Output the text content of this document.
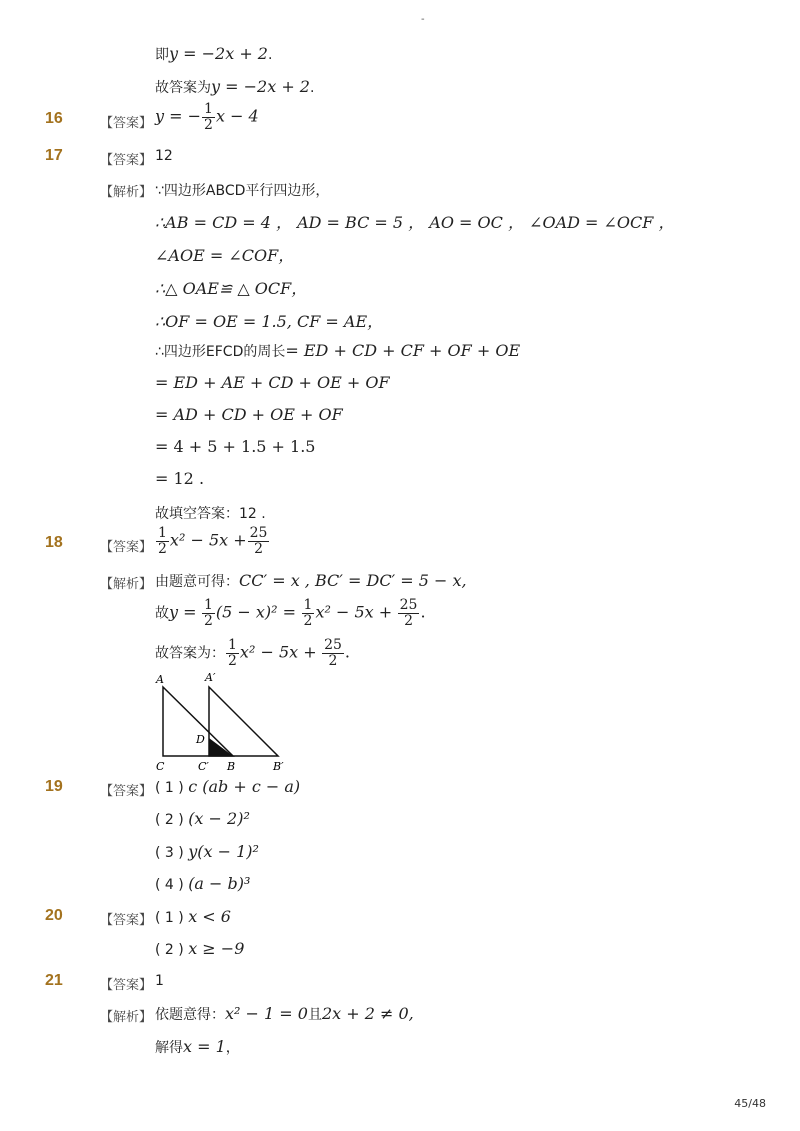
-
即y = −2x + 2.
故答案为y = −2x + 2.
16	【答案】 y = − $\frac{1}{2}$ x − 4
17	【答案】 12
【解析】 ∵四边形ABCD平行四边形，
∴AB = CD = 4 ， AD = BC = 5 ， AO = OC ， ∠OAD = ∠OCF ，
∠AOE = ∠COF，
∴△ OAE≌ △ OCF，
∴OF = OE = 1.5, CF = AE，
∴四边形EFCD的周长= ED + CD + CF + OF + OE
= ED + AE + CD + OE + OF
= AD + CD + OE + OF
= 4 + 5 + 1.5 + 1.5
= 12 .
故填空答案：12 .
18	【答案】 $\frac{1}{2} x^2 - 5x + \frac{25}{2}$
【解析】 由题意可得：CC′ = x , BC′ = DC′ = 5 − x,
故$y = \frac{1}{2} (5 - x)^2 = \frac{1}{2} x^2 - 5x + \frac{25}{2}$ .
故答案为： $\frac{1}{2} x^2 - 5x + \frac{25}{2}$ .
A	A′
D
C	C′ B	B′
19	【答案】 ( 1 ) c (ab + c − a)
( 2 ) (x − 2)²
( 3 ) y(x − 1)²
( 4 ) (a − b)³
20	【答案】 ( 1 ) x < 6
( 2 ) x ≥ −9
21	【答案】 1
【解析】 依题意得：x² − 1 = 0且2x + 2 ≠ 0,
解得x = 1，
45/48
